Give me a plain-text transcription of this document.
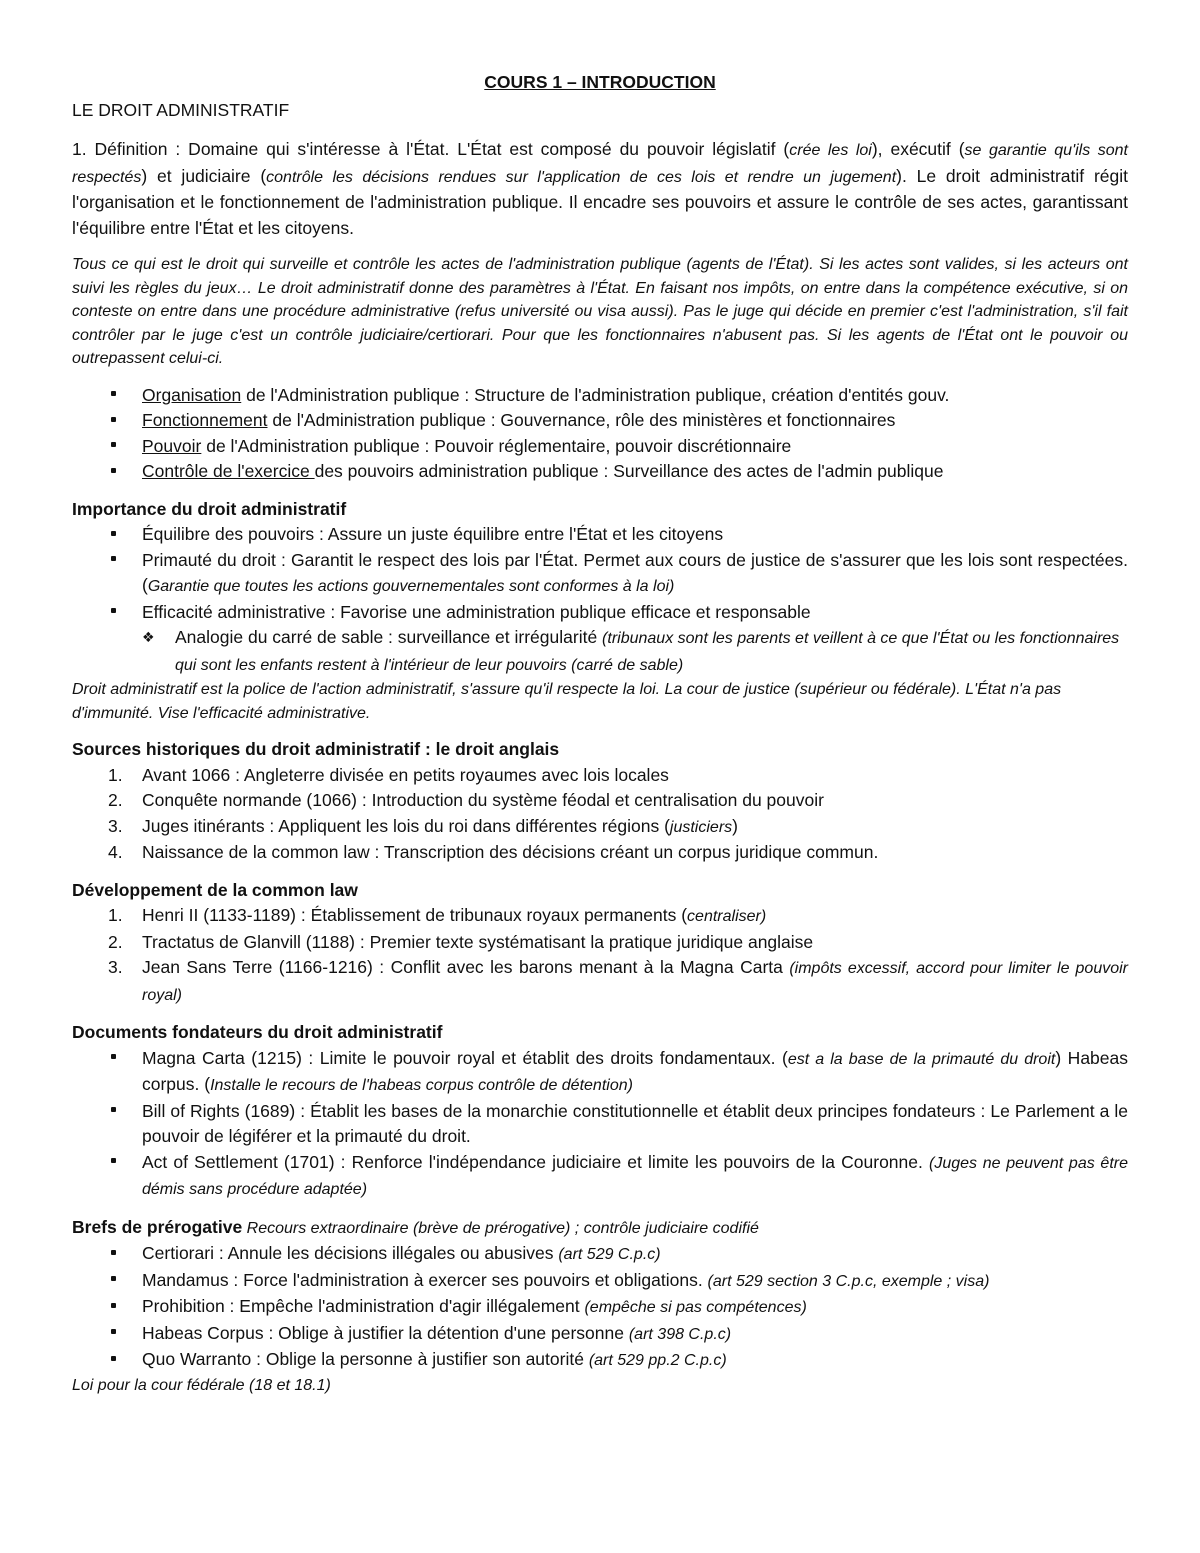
COURS 1 – INTRODUCTION

LE DROIT ADMINISTRATIF

1. Définition : Domaine qui s'intéresse à l'État. L'État est composé du pouvoir législatif (crée les loi), exécutif (se garantie qu'ils sont respectés) et judiciaire (contrôle les décisions rendues sur l'application de ces lois et rendre un jugement). Le droit administratif régit l'organisation et le fonctionnement de l'administration publique. Il encadre ses pouvoirs et assure le contrôle de ses actes, garantissant l'équilibre entre l'État et les citoyens.

Tous ce qui est le droit qui surveille et contrôle les actes de l'administration publique (agents de l'État). Si les actes sont valides, si les acteurs ont suivi les règles du jeux… Le droit administratif donne des paramètres à l'État. En faisant nos impôts, on entre dans la compétence exécutive, si on conteste on entre dans une procédure administrative (refus université ou visa aussi). Pas le juge qui décide en premier c'est l'administration, s'il fait contrôler par le juge c'est un contrôle judiciaire/certiorari. Pour que les fonctionnaires n'abusent pas. Si les agents de l'État ont le pouvoir ou outrepassent celui-ci.

Organisation de l'Administration publique : Structure de l'administration publique, création d'entités gouv.
Fonctionnement de l'Administration publique : Gouvernance, rôle des ministères et fonctionnaires
Pouvoir de l'Administration publique : Pouvoir réglementaire, pouvoir discrétionnaire
Contrôle de l'exercice des pouvoirs administration publique : Surveillance des actes de l'admin publique

Importance du droit administratif

Équilibre des pouvoirs : Assure un juste équilibre entre l'État et les citoyens
Primauté du droit : Garantit le respect des lois par l'État. Permet aux cours de justice de s'assurer que les lois sont respectées. (Garantie que toutes les actions gouvernementales sont conformes à la loi)
Efficacité administrative : Favorise une administration publique efficace et responsable
❖ Analogie du carré de sable : surveillance et irrégularité (tribunaux sont les parents et veillent à ce que l'État ou les fonctionnaires qui sont les enfants restent à l'intérieur de leur pouvoirs (carré de sable)

Droit administratif est la police de l'action administratif, s'assure qu'il respecte la loi. La cour de justice (supérieur ou fédérale). L'État n'a pas d'immunité. Vise l'efficacité administrative.

Sources historiques du droit administratif : le droit anglais

1.	Avant 1066 : Angleterre divisée en petits royaumes avec lois locales
2.	Conquête normande (1066) : Introduction du système féodal et centralisation du pouvoir
3.	Juges itinérants : Appliquent les lois du roi dans différentes régions (justiciers)
4.	Naissance de la common law : Transcription des décisions créant un corpus juridique commun.

Développement de la common law

1.	Henri II (1133-1189) : Établissement de tribunaux royaux permanents (centraliser)
2.	Tractatus de Glanvill (1188) : Premier texte systématisant la pratique juridique anglaise
3.	Jean Sans Terre (1166-1216) : Conflit avec les barons menant à la Magna Carta (impôts excessif, accord pour limiter le pouvoir royal)

Documents fondateurs du droit administratif

Magna Carta (1215) : Limite le pouvoir royal et établit des droits fondamentaux. (est a la base de la primauté du droit) Habeas corpus. (Installe le recours de l'habeas corpus contrôle de détention)
Bill of Rights (1689) : Établit les bases de la monarchie constitutionnelle et établit deux principes fondateurs : Le Parlement a le pouvoir de légiférer et la primauté du droit.
Act of Settlement (1701) : Renforce l'indépendance judiciaire et limite les pouvoirs de la Couronne. (Juges ne peuvent pas être démis sans procédure adaptée)

Brefs de prérogative Recours extraordinaire (brève de prérogative) ; contrôle judiciaire codifié

Certiorari : Annule les décisions illégales ou abusives (art 529 C.p.c)
Mandamus : Force l'administration à exercer ses pouvoirs et obligations. (art 529 section 3 C.p.c, exemple ; visa)
Prohibition : Empêche l'administration d'agir illégalement (empêche si pas compétences)
Habeas Corpus : Oblige à justifier la détention d'une personne (art 398 C.p.c)
Quo Warranto : Oblige la personne à justifier son autorité (art 529 pp.2 C.p.c)

Loi pour la cour fédérale (18 et 18.1)
